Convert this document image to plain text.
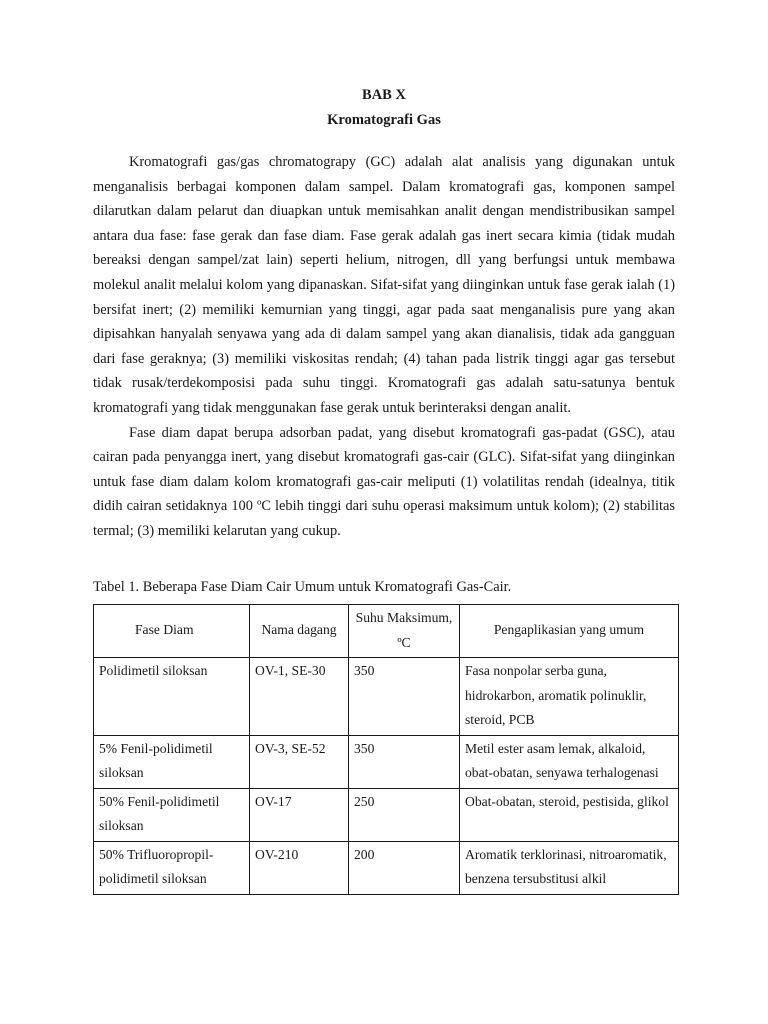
BAB X
Kromatografi Gas

Kromatografi gas/gas chromatograpy (GC) adalah alat analisis yang digunakan untuk menganalisis berbagai komponen dalam sampel. Dalam kromatografi gas, komponen sampel dilarutkan dalam pelarut dan diuapkan untuk memisahkan analit dengan mendistribusikan sampel antara dua fase: fase gerak dan fase diam. Fase gerak adalah gas inert secara kimia (tidak mudah bereaksi dengan sampel/zat lain) seperti helium, nitrogen, dll yang berfungsi untuk membawa molekul analit melalui kolom yang dipanaskan. Sifat-sifat yang diinginkan untuk fase gerak ialah (1) bersifat inert; (2) memiliki kemurnian yang tinggi, agar pada saat menganalisis pure yang akan dipisahkan hanyalah senyawa yang ada di dalam sampel yang akan dianalisis, tidak ada gangguan dari fase geraknya; (3) memiliki viskositas rendah; (4) tahan pada listrik tinggi agar gas tersebut tidak rusak/terdekomposisi pada suhu tinggi. Kromatografi gas adalah satu-satunya bentuk kromatografi yang tidak menggunakan fase gerak untuk berinteraksi dengan analit.

Fase diam dapat berupa adsorban padat, yang disebut kromatografi gas-padat (GSC), atau cairan pada penyangga inert, yang disebut kromatografi gas-cair (GLC). Sifat-sifat yang diinginkan untuk fase diam dalam kolom kromatografi gas-cair meliputi (1) volatilitas rendah (idealnya, titik didih cairan setidaknya 100 ºC lebih tinggi dari suhu operasi maksimum untuk kolom); (2) stabilitas termal; (3) memiliki kelarutan yang cukup.

Tabel 1. Beberapa Fase Diam Cair Umum untuk Kromatografi Gas-Cair.
Fase Diam	Nama dagang	Suhu Maksimum, ºC	Pengaplikasian yang umum
Polidimetil siloksan	OV-1, SE-30	350	Fasa nonpolar serba guna, hidrokarbon, aromatik polinuklir, steroid, PCB
5% Fenil-polidimetil siloksan	OV-3, SE-52	350	Metil ester asam lemak, alkaloid, obat-obatan, senyawa terhalogenasi
50% Fenil-polidimetil siloksan	OV-17	250	Obat-obatan, steroid, pestisida, glikol
50% Trifluoropropil-polidimetil siloksan	OV-210	200	Aromatik terklorinasi, nitroaromatik, benzena tersubstitusi alkil
